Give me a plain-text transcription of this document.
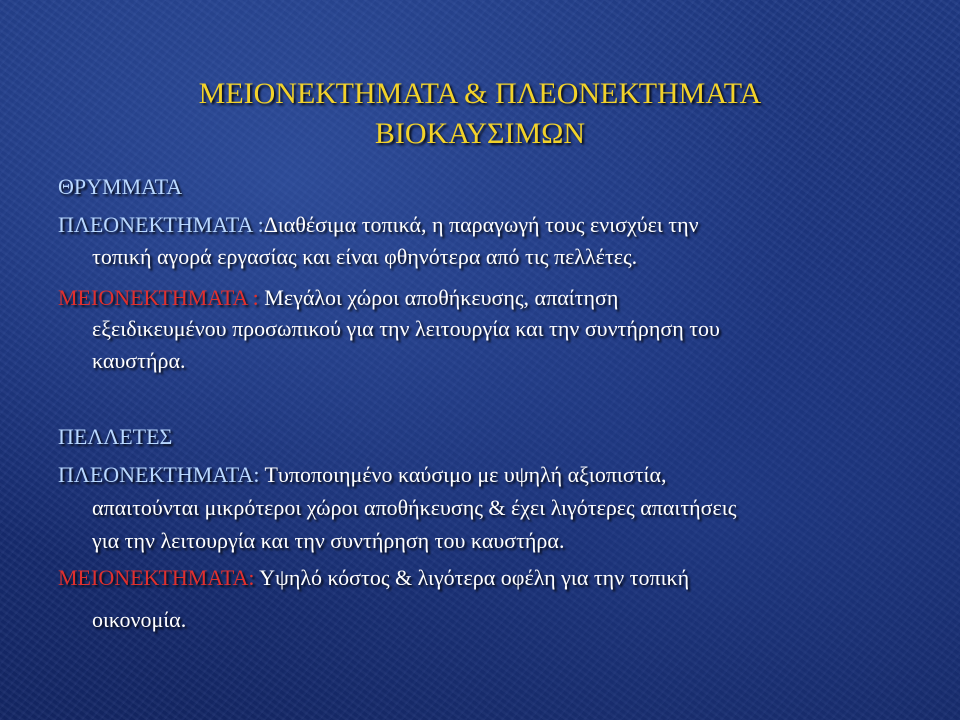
ΜΕΙΟΝΕΚΤΗΜΑΤΑ & ΠΛΕΟΝΕΚΤΗΜΑΤΑ
ΒΙΟΚΑΥΣΙΜΩΝ

ΘΡΥΜΜΑΤΑ

ΠΛΕΟΝΕΚΤΗΜΑΤΑ :Διαθέσιμα τοπικά, η παραγωγή τους ενισχύει την

τοπική αγορά εργασίας και είναι φθηνότερα από τις πελλέτες.

ΜΕΙΟΝΕΚΤΗΜΑΤΑ : Μεγάλοι χώροι αποθήκευσης, απαίτηση

εξειδικευμένου προσωπικού για την λειτουργία και την συντήρηση του

καυστήρα.

ΠΕΛΛΕΤΕΣ

ΠΛΕΟΝΕΚΤΗΜΑΤΑ: Τυποποιημένο καύσιμο με υψηλή αξιοπιστία,

απαιτούνται μικρότεροι χώροι αποθήκευσης & έχει λιγότερες απαιτήσεις

για την λειτουργία και την συντήρηση του καυστήρα.

ΜΕΙΟΝΕΚΤΗΜΑΤΑ: Υψηλό κόστος & λιγότερα οφέλη για την τοπική

οικονομία.
